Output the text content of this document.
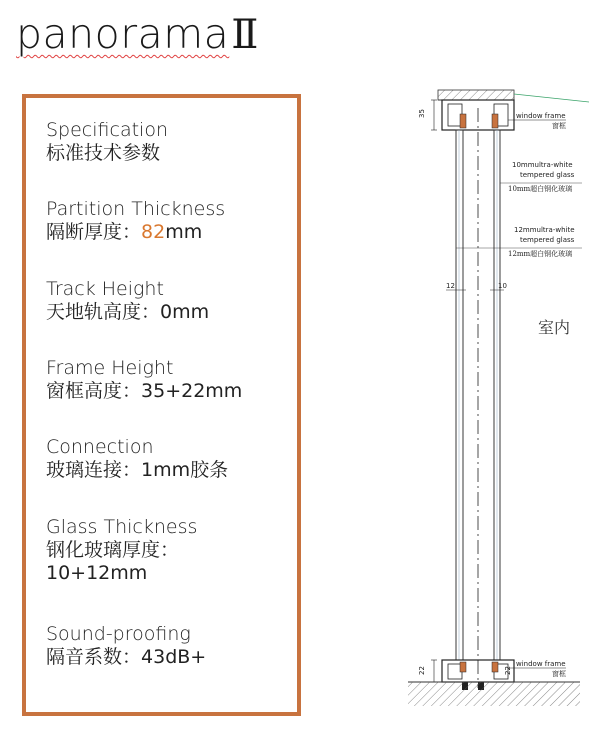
panoramaⅡ
Specification
标准技术参数
Partition Thickness
隔断厚度：82mm
Track Height
天地轨高度：0mm
Frame Height
窗框高度：35+22mm
Connection
玻璃连接：1mm胶条
Glass Thickness
钢化玻璃厚度：
10+12mm
Sound-proofing
隔音系数：43dB+
35	window frame
窗框
10mmultra-white
tempered glass
10mm超白钢化玻璃
12mmultra-white
tempered glass
12mm超白钢化玻璃
12	10
室内
22	22
window frame
窗框
